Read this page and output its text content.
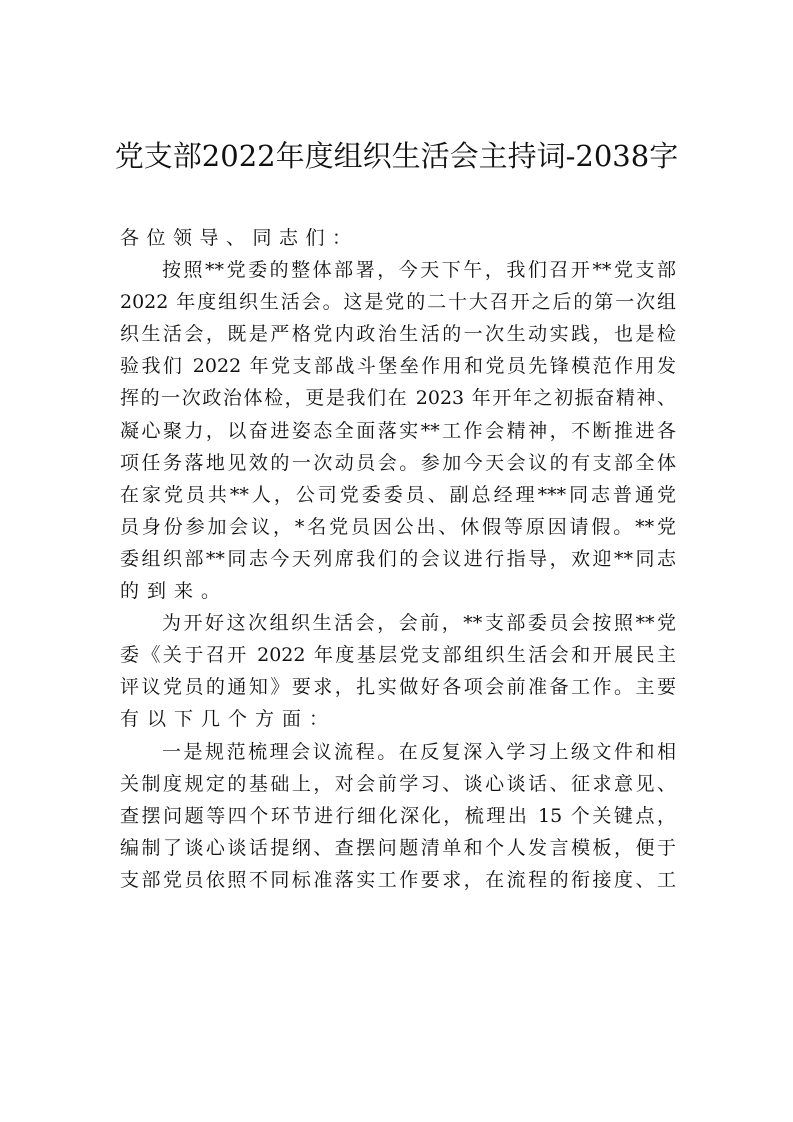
党支部2022年度组织生活会主持词-2038字
各位领导、同志们：
按照**党委的整体部署，今天下午，我们召开**党支部
2022 年度组织生活会。这是党的二十大召开之后的第一次组
织生活会，既是严格党内政治生活的一次生动实践，也是检
验我们 2022 年党支部战斗堡垒作用和党员先锋模范作用发
挥的一次政治体检，更是我们在 2023 年开年之初振奋精神、
凝心聚力，以奋进姿态全面落实**工作会精神，不断推进各
项任务落地见效的一次动员会。参加今天会议的有支部全体
在家党员共**人，公司党委委员、副总经理***同志普通党
员身份参加会议，*名党员因公出、休假等原因请假。**党
委组织部**同志今天列席我们的会议进行指导，欢迎**同志
的到来。
为开好这次组织生活会，会前，**支部委员会按照**党
委《关于召开 2022 年度基层党支部组织生活会和开展民主
评议党员的通知》要求，扎实做好各项会前准备工作。主要
有以下几个方面：
一是规范梳理会议流程。在反复深入学习上级文件和相
关制度规定的基础上，对会前学习、谈心谈话、征求意见、
查摆问题等四个环节进行细化深化，梳理出 15 个关键点，
编制了谈心谈话提纲、查摆问题清单和个人发言模板，便于
支部党员依照不同标准落实工作要求，在流程的衔接度、工
